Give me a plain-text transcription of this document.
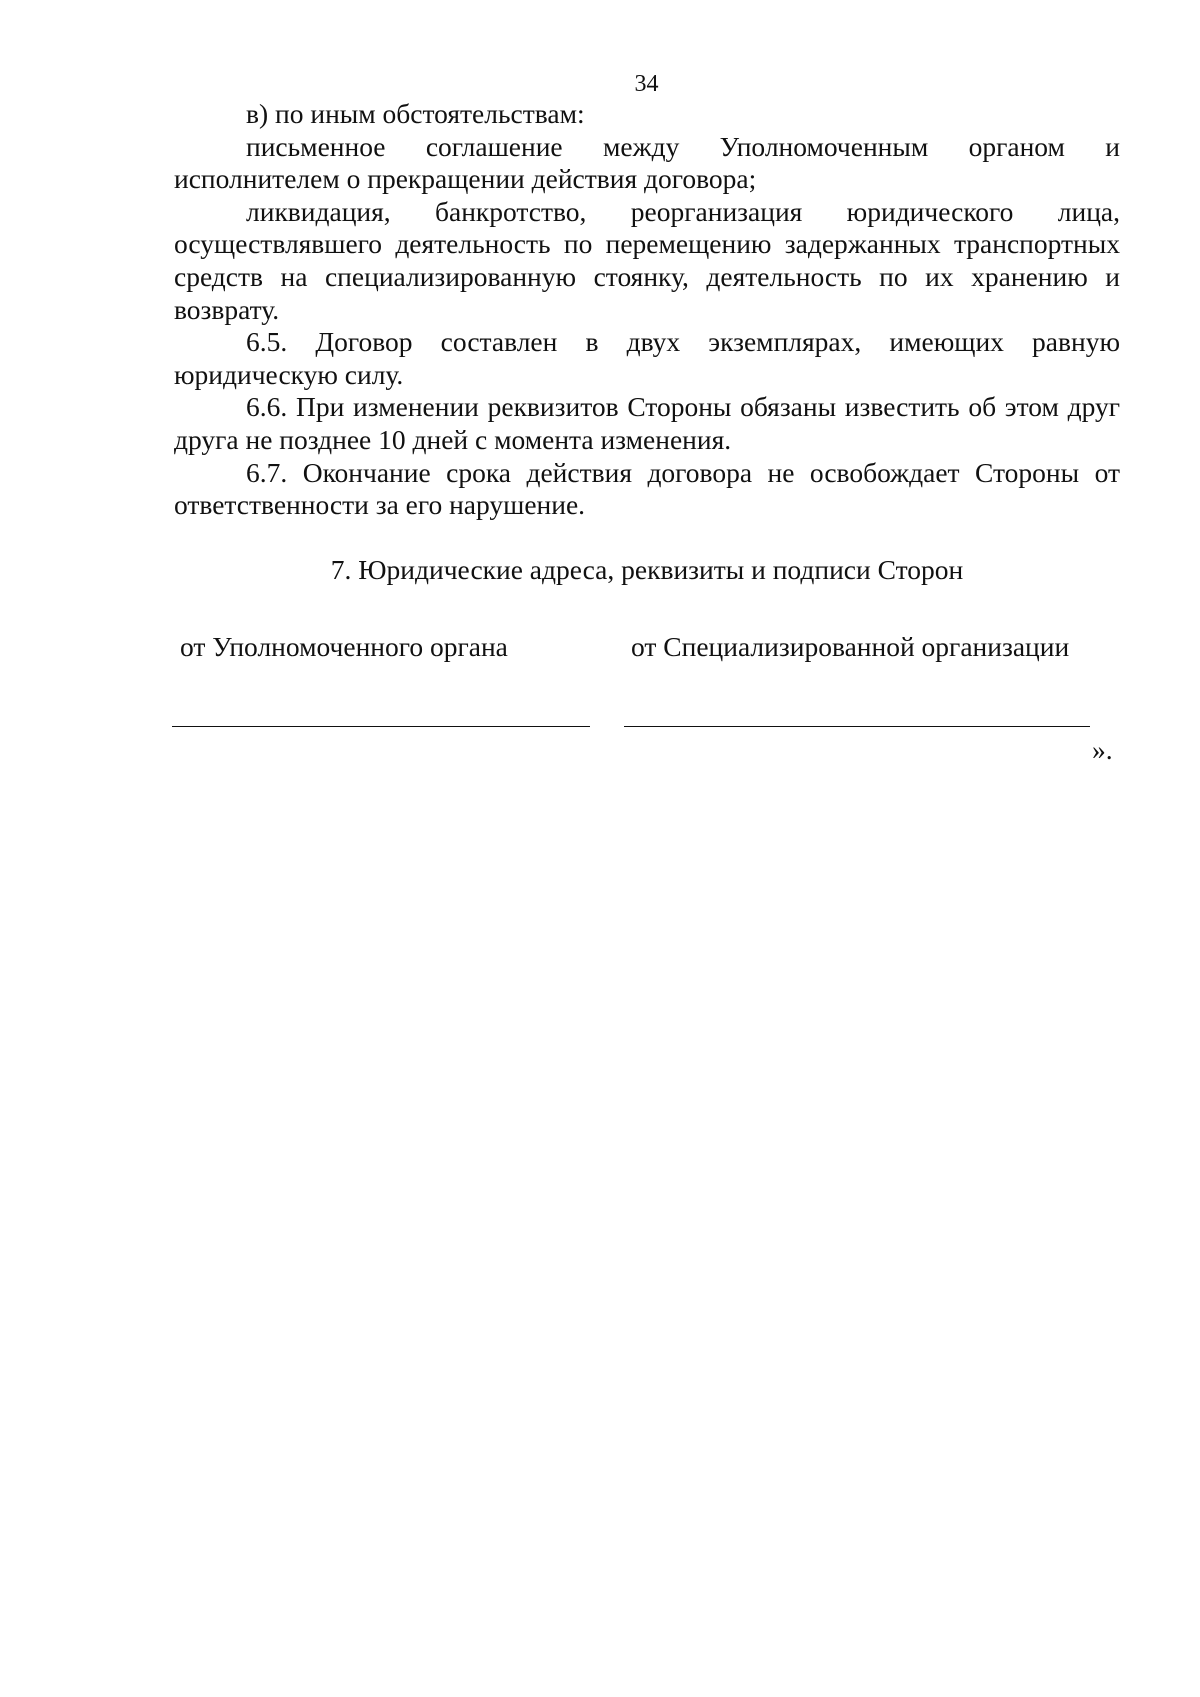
34

в) по иным обстоятельствам:

письменное соглашение между Уполномоченным органом и исполнителем о прекращении действия договора;

ликвидация, банкротство, реорганизация юридического лица, осуществлявшего деятельность по перемещению задержанных транспортных средств на специализированную стоянку, деятельность по их хранению и возврату.

6.5. Договор составлен в двух экземплярах, имеющих равную юридическую силу.

6.6. При изменении реквизитов Стороны обязаны известить об этом друг друга не позднее 10 дней с момента изменения.

6.7. Окончание срока действия договора не освобождает Стороны от ответственности за его нарушение.

7. Юридические адреса, реквизиты и подписи Сторон
от Уполномоченного органа	от Специализированной организации
».
